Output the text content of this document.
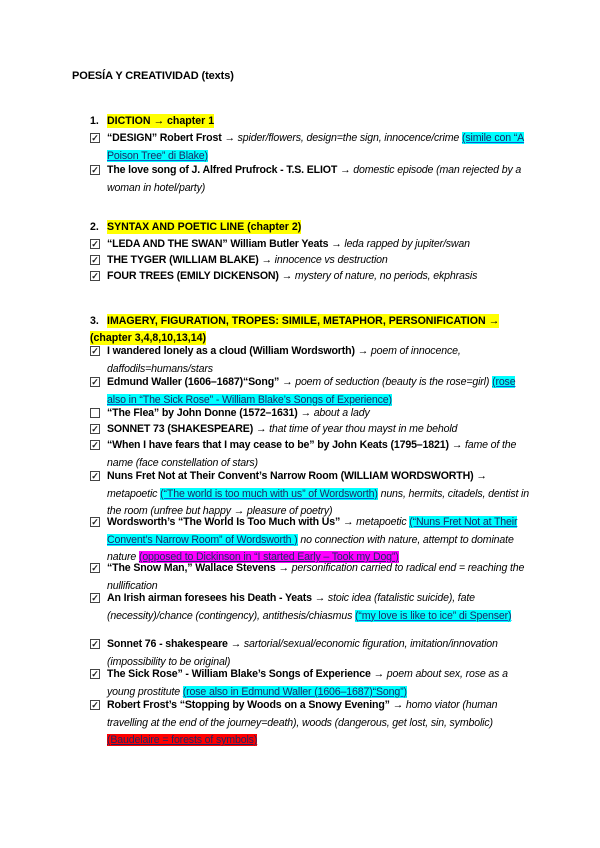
POESÍA Y CREATIVIDAD (texts)
1. DICTION → chapter 1
✓ “DESIGN” Robert Frost → spider/flowers, design=the sign, innocence/crime (simile con “A Poison Tree” di Blake)
✓ The love song of J. Alfred Prufrock - T.S. ELIOT → domestic episode (man rejected by a woman in hotel/party)
2. SYNTAX AND POETIC LINE (chapter 2)
✓ “LEDA AND THE SWAN” William Butler Yeats → leda rapped by jupiter/swan
✓ THE TYGER (WILLIAM BLAKE) → innocence vs destruction
✓ FOUR TREES (EMILY DICKENSON) → mystery of nature, no periods, ekphrasis
3. IMAGERY, FIGURATION, TROPES: SIMILE, METAPHOR, PERSONIFICATION → (chapter 3,4,8,10,13,14)
✓ I wandered lonely as a cloud (William Wordsworth) → poem of innocence, daffodils=humans/stars
✓ Edmund Waller (1606–1687)“Song” → poem of seduction (beauty is the rose=girl) (rose also in “The Sick Rose” - William Blake’s Songs of Experience)
“The Flea” by John Donne (1572–1631) → about a lady
✓ SONNET 73 (SHAKESPEARE) → that time of year thou mayst in me behold
✓ “When I have fears that I may cease to be” by John Keats (1795–1821) → fame of the name (face constellation of stars)
✓ Nuns Fret Not at Their Convent’s Narrow Room (WILLIAM WORDSWORTH) → metapoetic (“The world is too much with us” of Wordsworth) nuns, hermits, citadels, dentist in the room (unfree but happy → pleasure of poetry)
✓ Wordsworth’s “The World Is Too Much with Us” → metapoetic (“Nuns Fret Not at Their Convent’s Narrow Room” of Wordsworth ) no connection with nature, attempt to dominate nature (opposed to Dickinson in “I started Early – Took my Dog”)
✓ “The Snow Man,” Wallace Stevens → personification carried to radical end = reaching the nullification
✓ An Irish airman foresees his Death - Yeats → stoic idea (fatalistic suicide), fate (necessity)/chance (contingency), antithesis/chiasmus (“my love is like to ice” di Spenser)
✓ Sonnet 76 - shakespeare → sartorial/sexual/economic figuration, imitation/innovation (impossibility to be original)
✓ The Sick Rose” - William Blake’s Songs of Experience → poem about sex, rose as a young prostitute (rose also in Edmund Waller (1606–1687)“Song”)
✓ Robert Frost’s “Stopping by Woods on a Snowy Evening” → homo viator (human travelling at the end of the journey=death), woods (dangerous, get lost, sin, symbolic) (Baudelaire = forests of symbols)
